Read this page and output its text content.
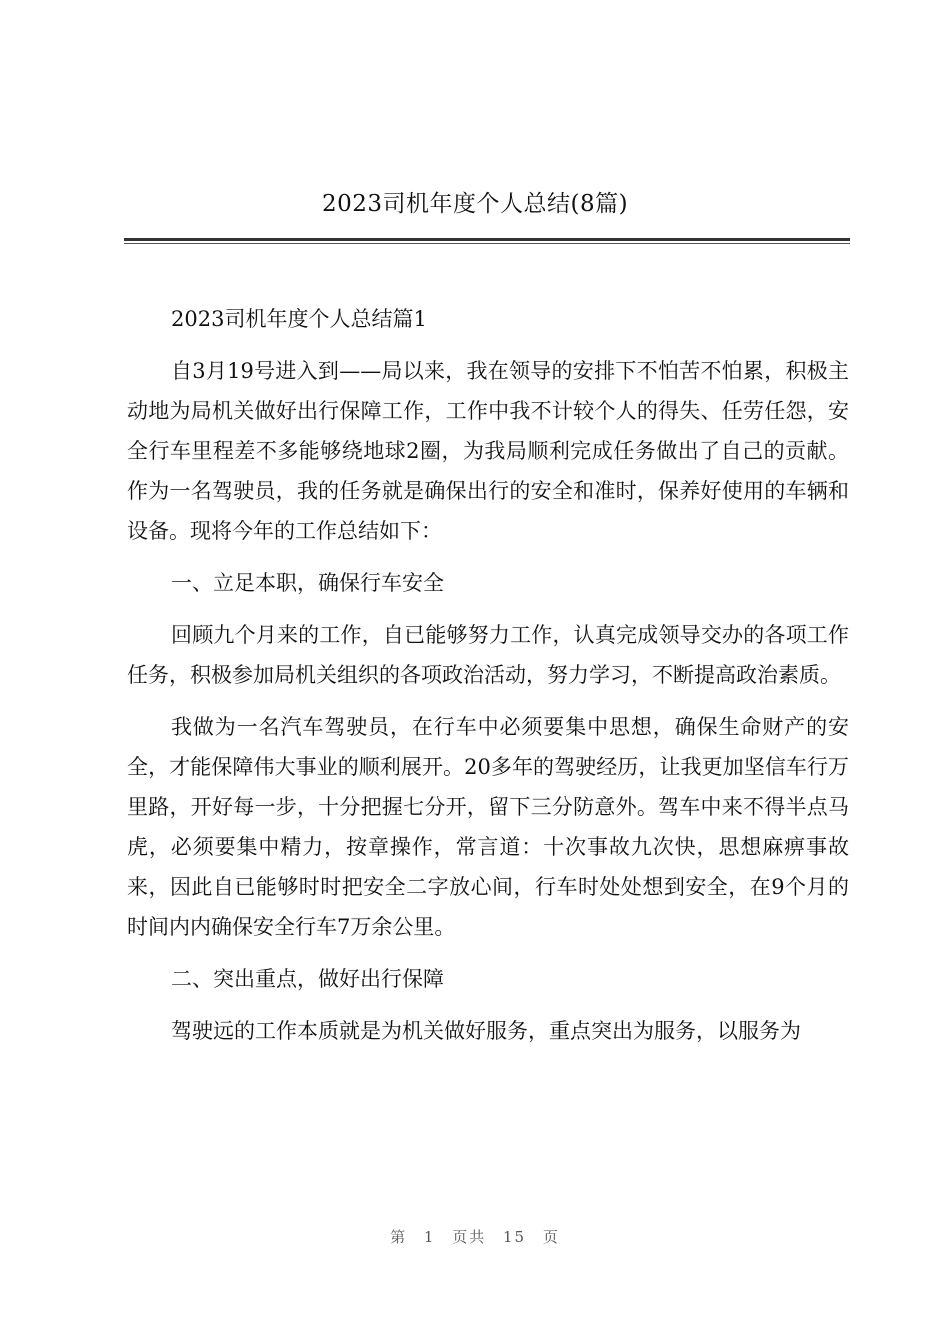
2023司机年度个人总结(8篇)

2023司机年度个人总结篇1

自3月19号进入到——局以来，我在领导的安排下不怕苦不怕累，积极主动地为局机关做好出行保障工作，工作中我不计较个人的得失、任劳任怨，安全行车里程差不多能够绕地球2圈，为我局顺利完成任务做出了自己的贡献。作为一名驾驶员，我的任务就是确保出行的安全和准时，保养好使用的车辆和设备。现将今年的工作总结如下：

一、立足本职，确保行车安全

回顾九个月来的工作，自已能够努力工作，认真完成领导交办的各项工作任务，积极参加局机关组织的各项政治活动，努力学习，不断提高政治素质。

我做为一名汽车驾驶员，在行车中必须要集中思想，确保生命财产的安全，才能保障伟大事业的顺利展开。20多年的驾驶经历，让我更加坚信车行万里路，开好每一步，十分把握七分开，留下三分防意外。驾车中来不得半点马虎，必须要集中精力，按章操作，常言道：十次事故九次快，思想麻痹事故来，因此自已能够时时把安全二字放心间，行车时处处想到安全，在9个月的时间内内确保安全行车7万余公里。

二、突出重点，做好出行保障

驾驶远的工作本质就是为机关做好服务，重点突出为服务，以服务为

第 1 页共 15 页
